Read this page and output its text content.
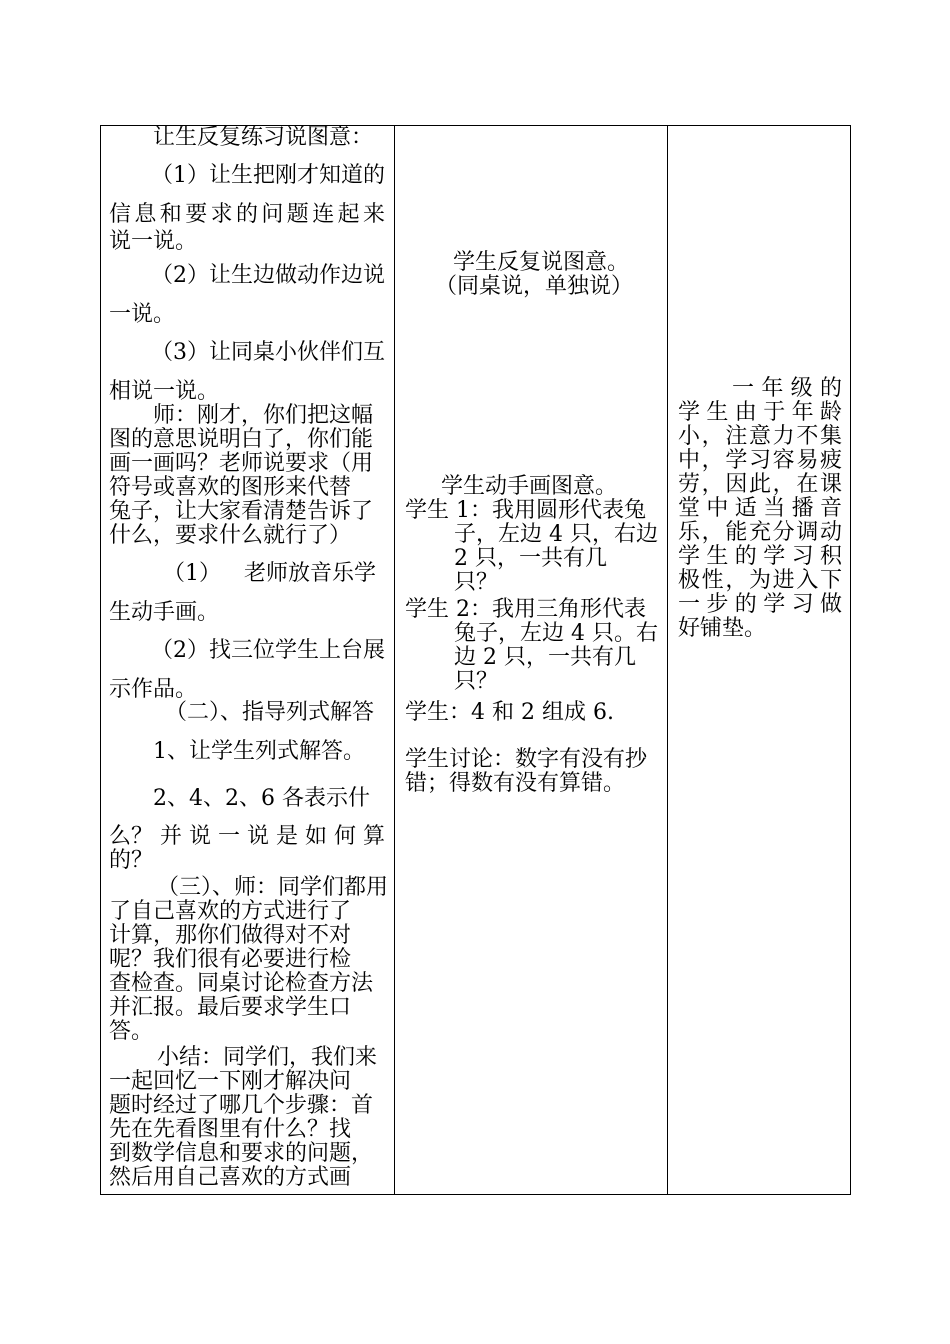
让生反复练习说图意：

（1）让生把刚才知道的

信息和要求的问题连起来

说一说。

（2）让生边做动作边说

一说。

（3）让同桌小伙伴们互

相说一说。

师：刚才，你们把这幅

图的意思说明白了，你们能

画一画吗？老师说要求（用

符号或喜欢的图形来代替

兔子，让大家看清楚告诉了

什么，要求什么就行了）

（1） 老师放音乐学

生动手画。

（2）找三位学生上台展

示作品。

（二）、指导列式解答

1、让学生列式解答。

2、4、2、6 各表示什

么？ 并 说 一 说 是 如 何 算

的？

（三）、师：同学们都用

了自己喜欢的方式进行了

计算，那你们做得对不对

呢？我们很有必要进行检

查检查。同桌讨论检查方法

并汇报。最后要求学生口

答。

小结：同学们，我们来

一起回忆一下刚才解决问

题时经过了哪几个步骤：首

先在先看图里有什么？找

到数学信息和要求的问题，

然后用自己喜欢的方式画

学生反复说图意。

（同桌说，单独说）

学生动手画图意。

学生 1：我用圆形代表兔

子，左边 4 只，右边

2 只，一共有几

只？

学生 2：我用三角形代表

兔子，左边 4 只。右

边 2 只，一共有几

只？

学生：4 和 2 组成 6.

学生讨论：数字有没有抄

错；得数有没有算错。

一 年 级 的

学生由于年龄

小，注意力不集

中，学习容易疲

劳，因此，在课

堂中适当播音

乐，能充分调动

学生的学习积

极性，为进入下

一步的学习做

好铺垫。
